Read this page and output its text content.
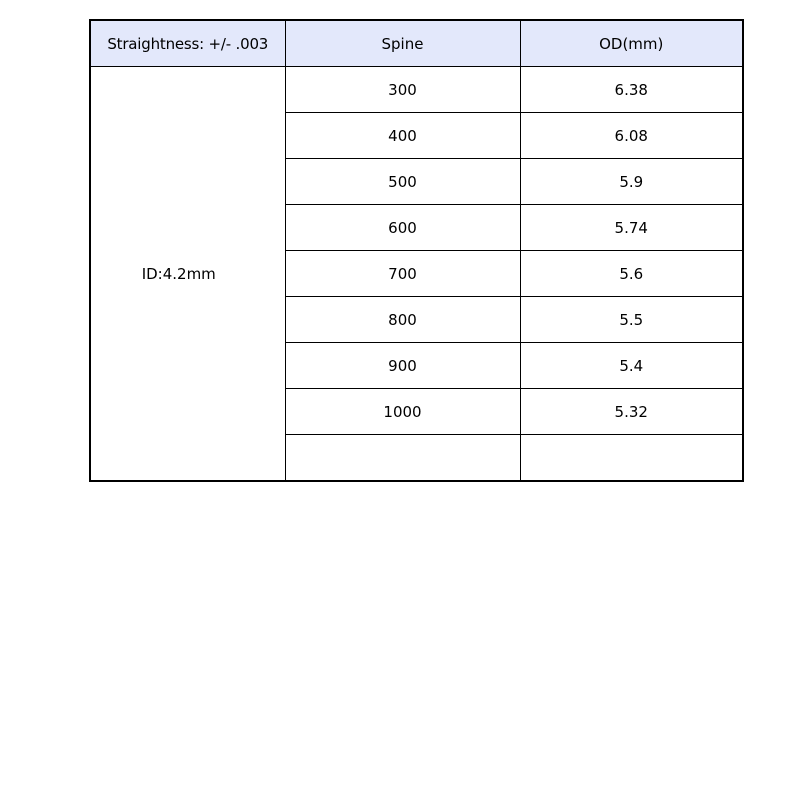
Straightness: +/- .003	Spine	OD(mm)
ID:4.2mm	300	6.38
	400	6.08
	500	5.9
	600	5.74
	700	5.6
	800	5.5
	900	5.4
	1000	5.32
